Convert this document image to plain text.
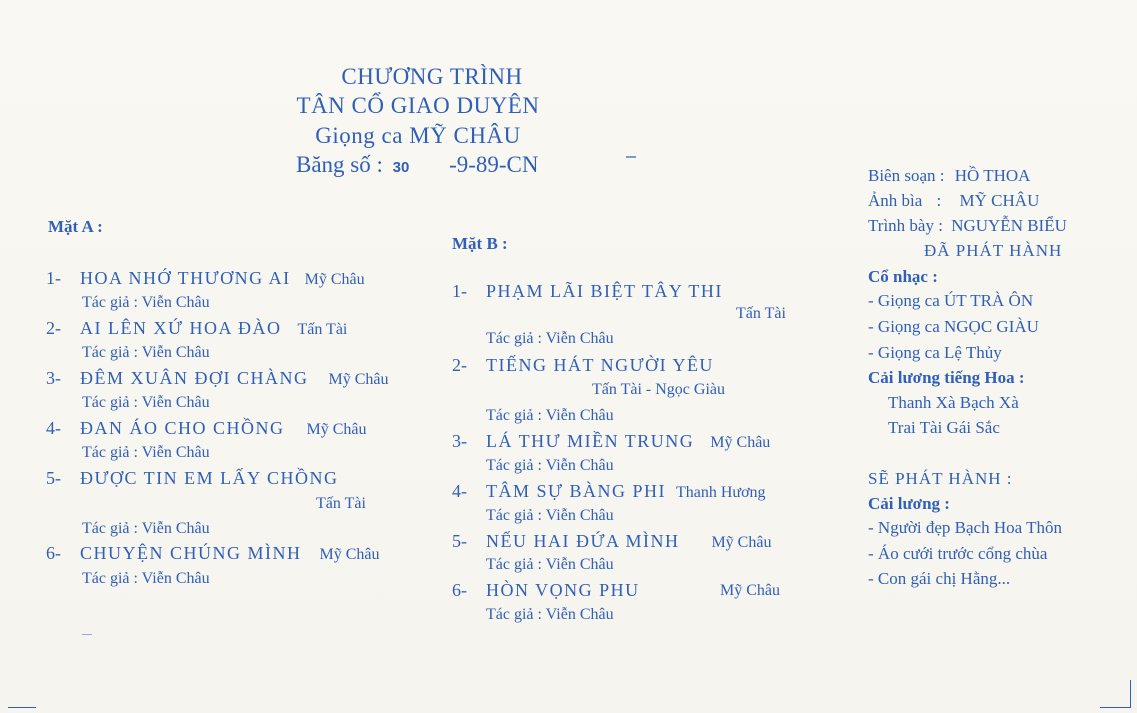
CHƯƠNG TRÌNH
TÂN CỔ GIAO DUYÊN
Giọng ca MỸ CHÂU
Băng số : 30 -9-89-CN
Mặt A :
1- HOA NHỚ THƯƠNG AI Mỹ Châu
Tác giả : Viễn Châu
2- AI LÊN XỨ HOA ĐÀO Tấn Tài
Tác giả : Viễn Châu
3- ĐÊM XUÂN ĐỢI CHÀNG Mỹ Châu
Tác giả : Viễn Châu
4- ĐAN ÁO CHO CHỒNG Mỹ Châu
Tác giả : Viễn Châu
5- ĐƯỢC TIN EM LẤY CHỒNG
Tấn Tài
Tác giả : Viễn Châu
6- CHUYỆN CHÚNG MÌNH Mỹ Châu
Tác giả : Viễn Châu
Mặt B :
1- PHẠM LÃI BIỆT TÂY THI
Tấn Tài
Tác giả : Viễn Châu
2- TIẾNG HÁT NGƯỜI YÊU
Tấn Tài - Ngọc Giàu
Tác giả : Viễn Châu
3- LÁ THƯ MIỀN TRUNG Mỹ Châu
Tác giả : Viễn Châu
4- TÂM SỰ BÀNG PHI Thanh Hương
Tác giả : Viễn Châu
5- NẾU HAI ĐỨA MÌNH Mỹ Châu
Tác giả : Viễn Châu
6- HÒN VỌNG PHU	Mỹ Châu
Tác giả : Viễn Châu
Biên soạn : HỒ THOA
Ảnh bìa : MỸ CHÂU
Trình bày : NGUYỄN BIỂU
ĐÃ PHÁT HÀNH
Cổ nhạc :
- Giọng ca ÚT TRÀ ÔN
- Giọng ca NGỌC GIÀU
- Giọng ca Lệ Thủy
Cải lương tiếng Hoa :
Thanh Xà Bạch Xà
Trai Tài Gái Sắc
SẼ PHÁT HÀNH :
Cải lương :
- Người đẹp Bạch Hoa Thôn
- Áo cưới trước cổng chùa
- Con gái chị Hằng...
